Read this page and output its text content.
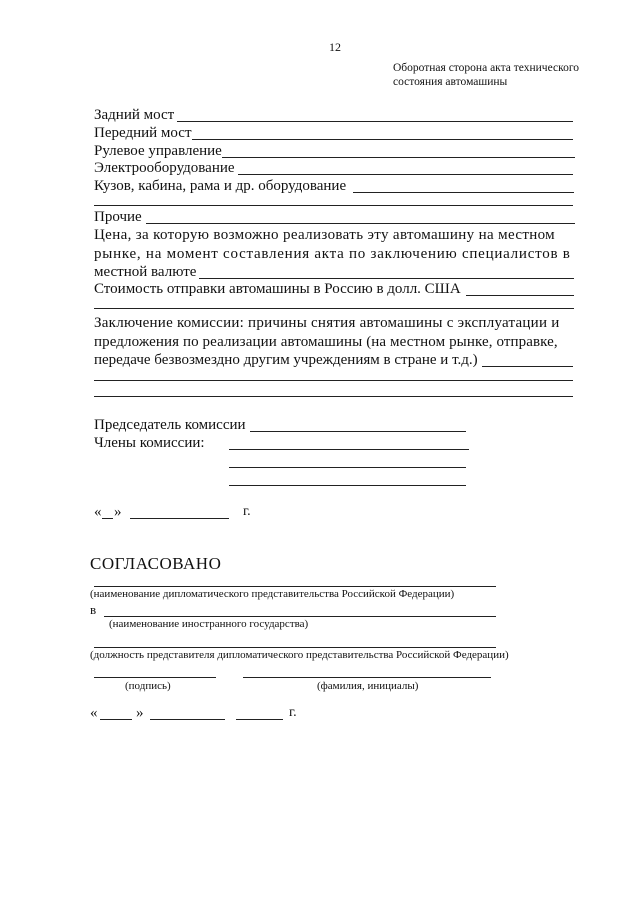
12
Оборотная сторона акта технического состояния автомашины
Задний мост
Передний мост
Рулевое управление
Электрооборудование
Кузов, кабина, рама и др. оборудование
Прочие
Цена, за которую возможно реализовать эту автомашину на местном
рынке, на момент составления акта по заключению специалистов в
местной валюте
Стоимость отправки автомашины в Россию в долл. США
Заключение комиссии: причины снятия автомашины с эксплуатации и
предложения по реализации автомашины (на местном рынке, отправке,
передаче безвозмездно другим учреждениям в стране и т.д.)
Председатель комиссии
Члены комиссии:
« »	г.
СОГЛАСОВАНО
(наименование дипломатического представительства Российской Федерации)
в
(наименование иностранного государства)
(должность представителя дипломатического представительства Российской Федерации)
(подпись)	(фамилия, инициалы)
«	»	г.
